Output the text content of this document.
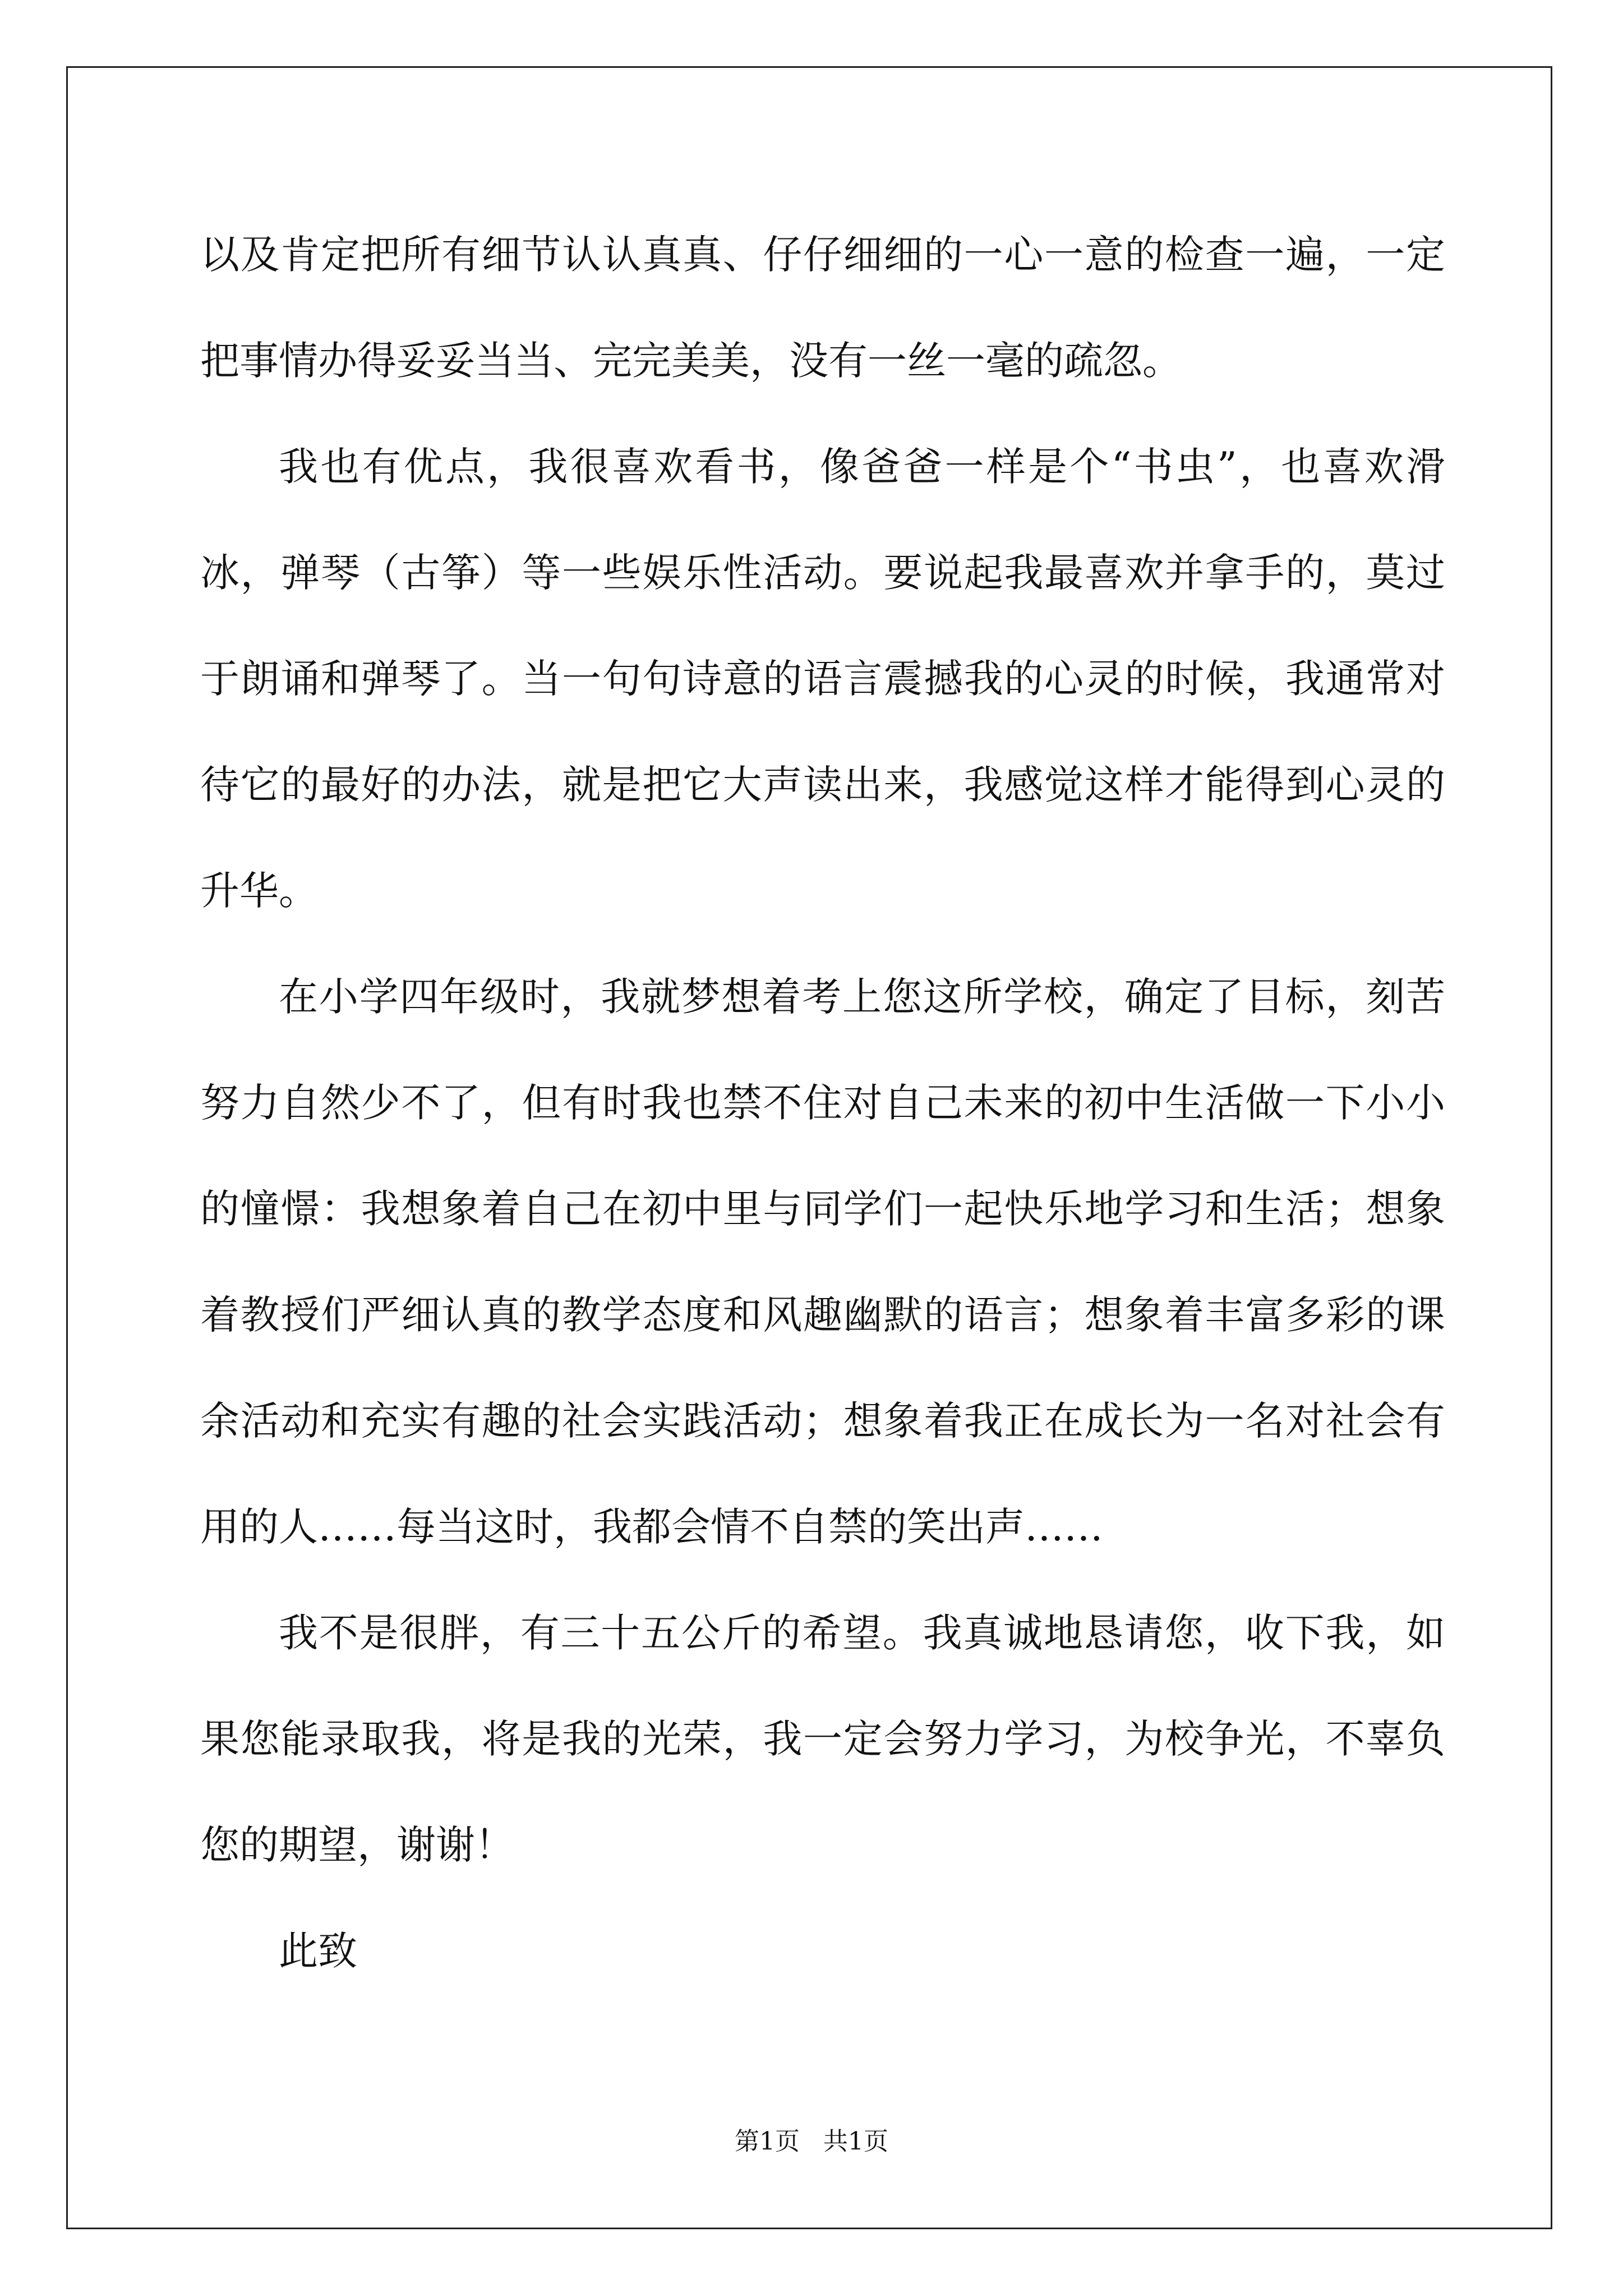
以及肯定把所有细节认认真真、仔仔细细的一心一意的检查一遍，一定把事情办得妥妥当当、完完美美，没有一丝一毫的疏忽。

我也有优点，我很喜欢看书，像爸爸一样是个“书虫”，也喜欢滑冰，弹琴（古筝）等一些娱乐性活动。要说起我最喜欢并拿手的，莫过于朗诵和弹琴了。当一句句诗意的语言震撼我的心灵的时候，我通常对待它的最好的办法，就是把它大声读出来，我感觉这样才能得到心灵的升华。

在小学四年级时，我就梦想着考上您这所学校，确定了目标，刻苦努力自然少不了，但有时我也禁不住对自己未来的初中生活做一下小小的憧憬：我想象着自己在初中里与同学们一起快乐地学习和生活；想象着教授们严细认真的教学态度和风趣幽默的语言；想象着丰富多彩的课余活动和充实有趣的社会实践活动；想象着我正在成长为一名对社会有用的人……每当这时，我都会情不自禁的笑出声……

我不是很胖，有三十五公斤的希望。我真诚地恳请您，收下我，如果您能录取我，将是我的光荣，我一定会努力学习，为校争光，不辜负您的期望，谢谢！

此致

第1页   共1页
